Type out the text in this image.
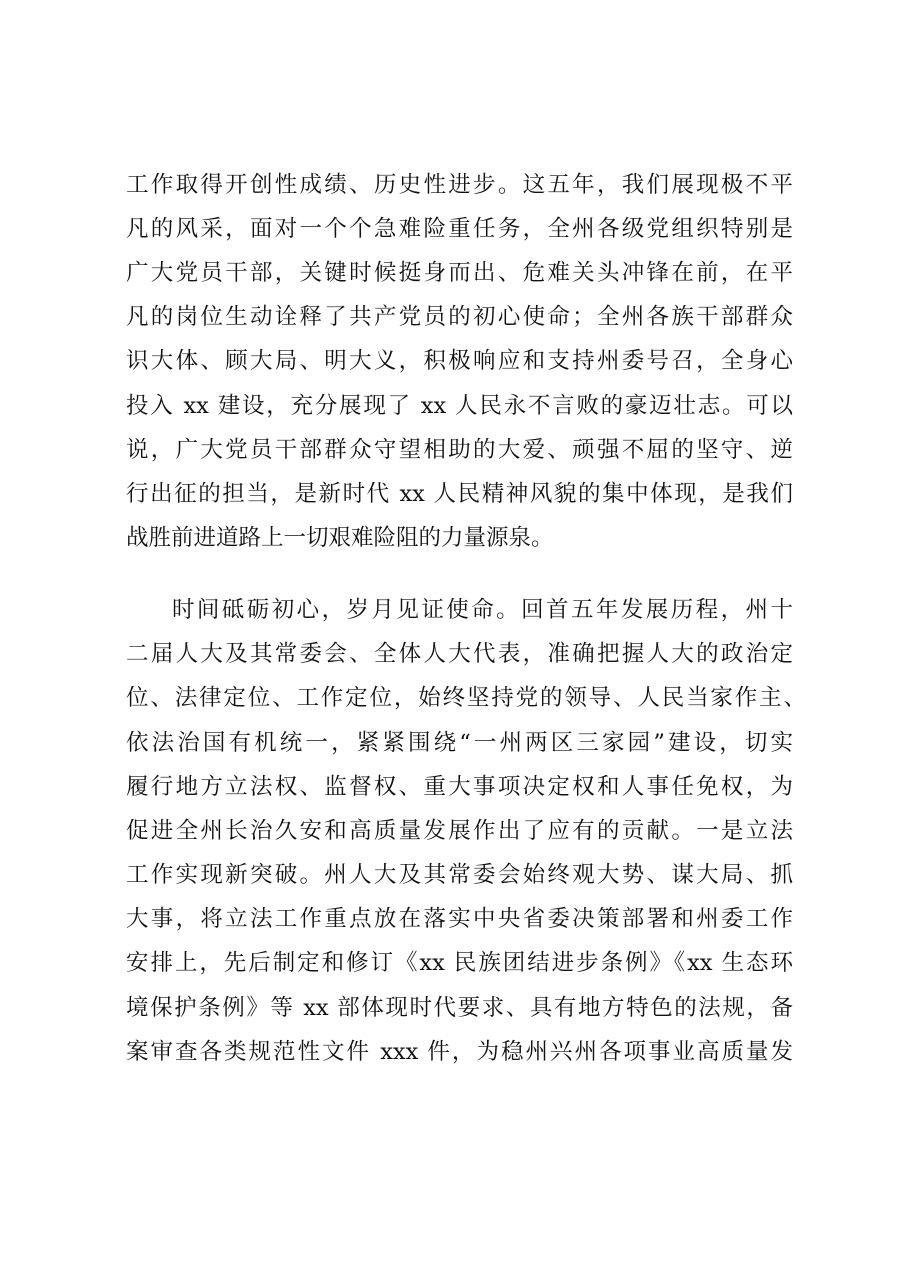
工作取得开创性成绩、历史性进步。这五年，我们展现极不平
凡的风采，面对一个个急难险重任务，全州各级党组织特别是
广大党员干部，关键时候挺身而出、危难关头冲锋在前，在平
凡的岗位生动诠释了共产党员的初心使命；全州各族干部群众
识大体、顾大局、明大义，积极响应和支持州委号召，全身心
投入 xx 建设，充分展现了 xx 人民永不言败的豪迈壮志。可以
说，广大党员干部群众守望相助的大爱、顽强不屈的坚守、逆
行出征的担当，是新时代 xx 人民精神风貌的集中体现，是我们
战胜前进道路上一切艰难险阻的力量源泉。
时间砥砺初心，岁月见证使命。回首五年发展历程，州十
二届人大及其常委会、全体人大代表，准确把握人大的政治定
位、法律定位、工作定位，始终坚持党的领导、人民当家作主、
依法治国有机统一，紧紧围绕“一州两区三家园”建设，切实
履行地方立法权、监督权、重大事项决定权和人事任免权，为
促进全州长治久安和高质量发展作出了应有的贡献。一是立法
工作实现新突破。州人大及其常委会始终观大势、谋大局、抓
大事，将立法工作重点放在落实中央省委决策部署和州委工作
安排上，先后制定和修订《xx 民族团结进步条例》《xx 生态环
境保护条例》等 xx 部体现时代要求、具有地方特色的法规，备
案审查各类规范性文件 xxx 件，为稳州兴州各项事业高质量发
